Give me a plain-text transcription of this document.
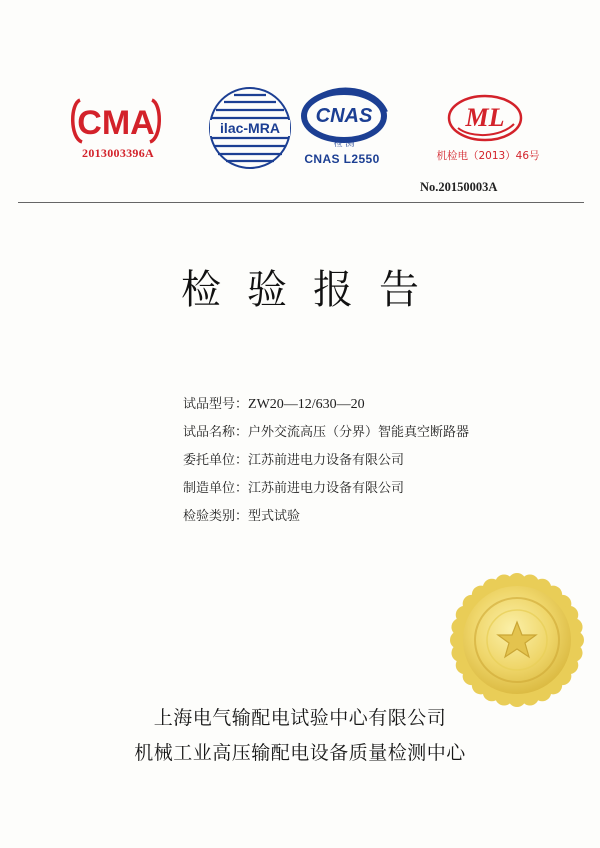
CMA
2013003396A
ilac-MRA
CNAS
检 测
CNAS L2550
ML
机检电（2013）46号
No.20150003A
检验报告
试品型号：ZW20—12/630—20
试品名称：户外交流高压（分界）智能真空断路器
委托单位：江苏前进电力设备有限公司
制造单位：江苏前进电力设备有限公司
检验类别：型式试验
上海电气输配电试验中心有限公司
机械工业高压输配电设备质量检测中心
